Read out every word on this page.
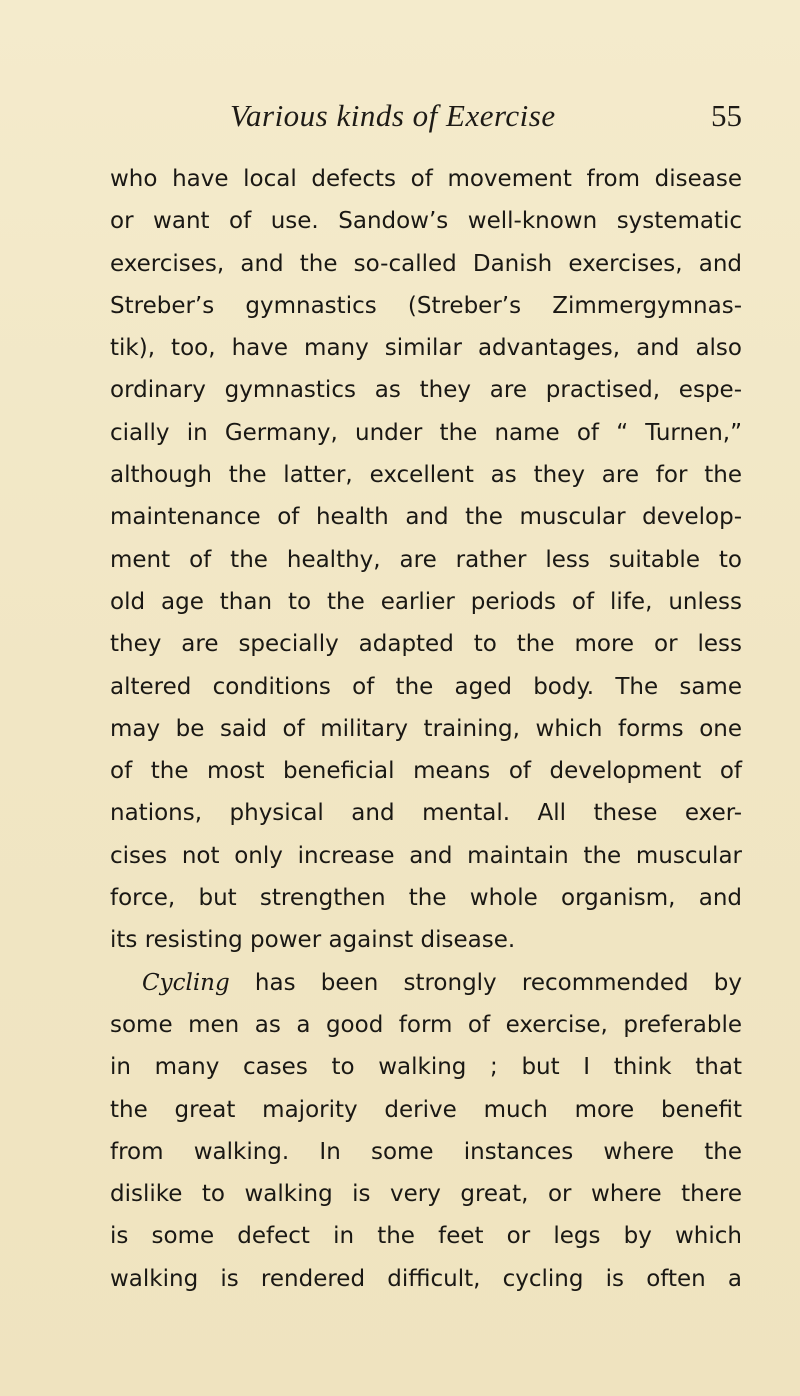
Various kinds of Exercise	55
who have local defects of movement from disease
or want of use. Sandow’s well-known systematic
exercises, and the so-called Danish exercises, and
Streber’s gymnastics (Streber’s Zimmergymnas-
tik), too, have many similar advantages, and also
ordinary gymnastics as they are practised, espe-
cially in Germany, under the name of “ Turnen,”
although the latter, excellent as they are for the
maintenance of health and the muscular develop-
ment of the healthy, are rather less suitable to
old age than to the earlier periods of life, unless
they are specially adapted to the more or less
altered conditions of the aged body. The same
may be said of military training, which forms one
of the most beneficial means of development of
nations, physical and mental. All these exer-
cises not only increase and maintain the muscular
force, but strengthen the whole organism, and
its resisting power against disease.
Cycling has been strongly recommended by
some men as a good form of exercise, preferable
in many cases to walking ; but I think that
the great majority derive much more benefit
from walking. In some instances where the
dislike to walking is very great, or where there
is some defect in the feet or legs by which
walking is rendered difficult, cycling is often a
